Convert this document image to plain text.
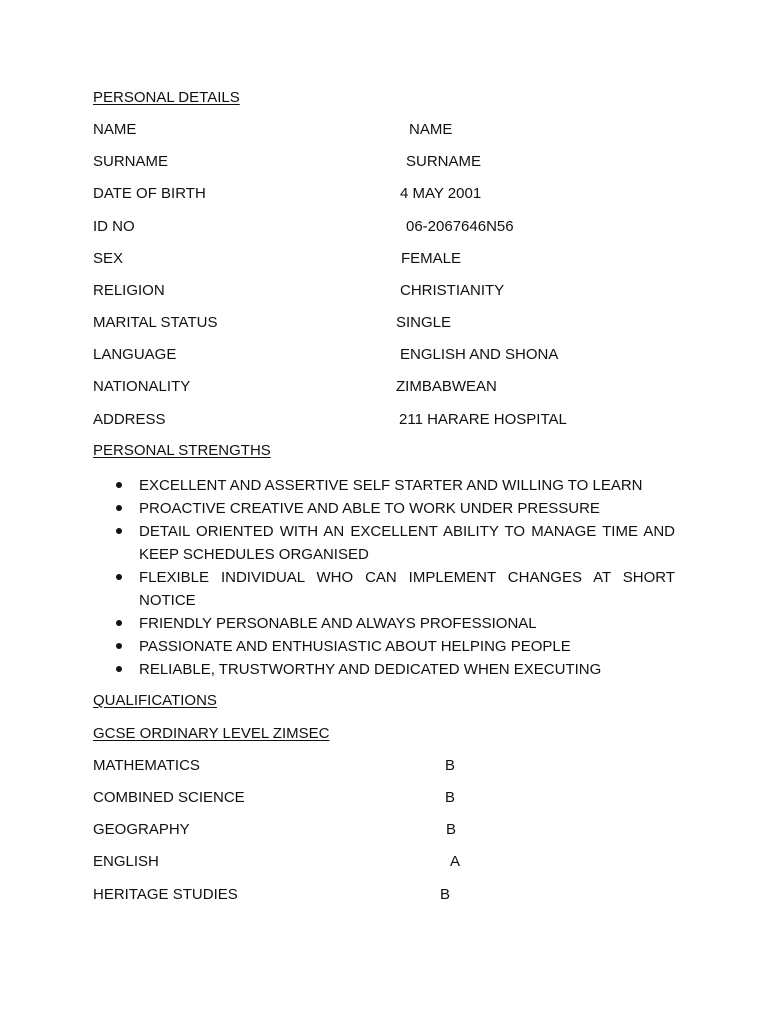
PERSONAL DETAILS
NAME	NAME
SURNAME	SURNAME
DATE OF BIRTH	4 MAY 2001
ID NO	06-2067646N56
SEX	FEMALE
RELIGION	CHRISTIANITY
MARITAL STATUS	SINGLE
LANGUAGE	ENGLISH AND SHONA
NATIONALITY	ZIMBABWEAN
ADDRESS	211 HARARE HOSPITAL
PERSONAL STRENGTHS
EXCELLENT AND ASSERTIVE SELF STARTER AND WILLING TO LEARN
PROACTIVE CREATIVE AND ABLE TO WORK UNDER PRESSURE
DETAIL ORIENTED WITH AN EXCELLENT ABILITY TO MANAGE TIME AND KEEP SCHEDULES ORGANISED
FLEXIBLE INDIVIDUAL WHO CAN IMPLEMENT CHANGES AT SHORT NOTICE
FRIENDLY PERSONABLE AND ALWAYS PROFESSIONAL
PASSIONATE AND ENTHUSIASTIC ABOUT HELPING PEOPLE
RELIABLE, TRUSTWORTHY AND DEDICATED WHEN EXECUTING
QUALIFICATIONS
GCSE ORDINARY LEVEL ZIMSEC
MATHEMATICS	B
COMBINED SCIENCE	B
GEOGRAPHY	B
ENGLISH	A
HERITAGE STUDIES	B
